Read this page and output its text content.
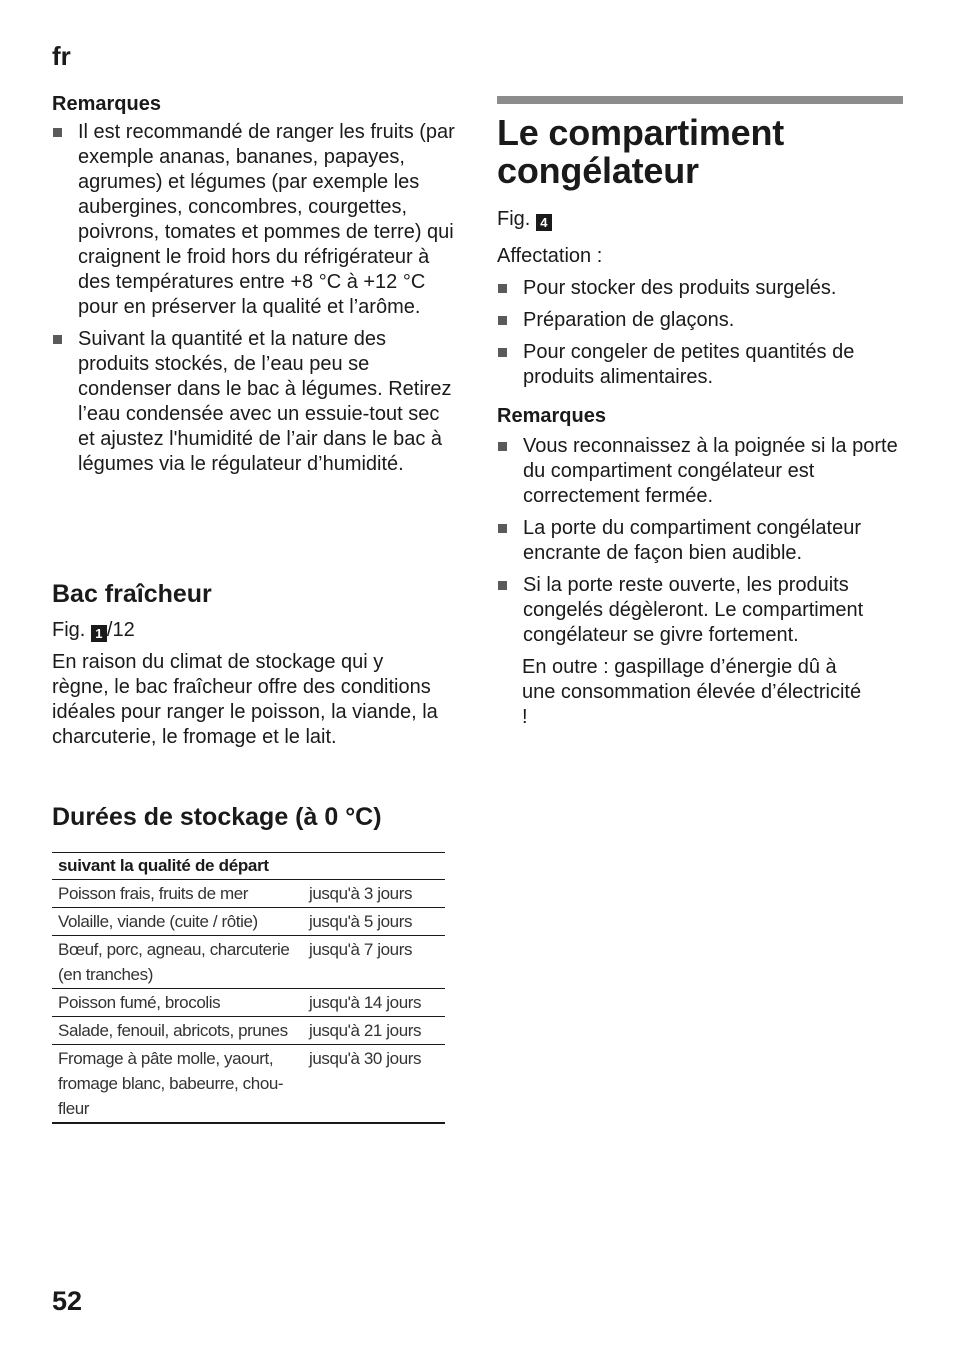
fr
Remarques
Il est recommandé de ranger les fruits (par exemple ananas, bananes, papayes, agrumes) et légumes (par exemple les aubergines, concombres, courgettes, poivrons, tomates et pommes de terre) qui craignent le froid hors du réfrigérateur à des températures entre +8 °C à +12 °C pour en préserver la qualité et l’arôme.
Suivant la quantité et la nature des produits stockés, de l’eau peu se condenser dans le bac à légumes. Retirez l’eau condensée avec un essuie-tout sec et ajustez l'humidité de l’air dans le bac à légumes via le régulateur d’humidité.
Bac fraîcheur

Fig. 1 /12

En raison du climat de stockage qui y règne, le bac fraîcheur offre des conditions idéales pour ranger le poisson, la viande, la charcuterie, le fromage et le lait.

Durées de stockage (à 0 °C)
suivant la qualité de départ	
Poisson frais, fruits de mer	jusqu'à 3 jours
Volaille, viande (cuite / rôtie)	jusqu'à 5 jours
Bœuf, porc, agneau, charcuterie (en tranches)	jusqu'à 7 jours
Poisson fumé, brocolis	jusqu'à 14 jours
Salade, fenouil, abricots, prunes	jusqu'à 21 jours
Fromage à pâte molle, yaourt, fromage blanc, babeurre, chou-fleur	jusqu'à 30 jours
Le compartiment
congélateur

Fig. 4

Affectation :

Pour stocker des produits surgelés.
Préparation de glaçons.
Pour congeler de petites quantités de produits alimentaires.
Remarques
Vous reconnaissez à la poignée si la porte du compartiment congélateur est correctement fermée.
La porte du compartiment congélateur encrante de façon bien audible.
Si la porte reste ouverte, les produits congelés dégèleront. Le compartiment congélateur se givre fortement.

En outre : gaspillage d’énergie dû à une consommation élevée d’électricité !

52
